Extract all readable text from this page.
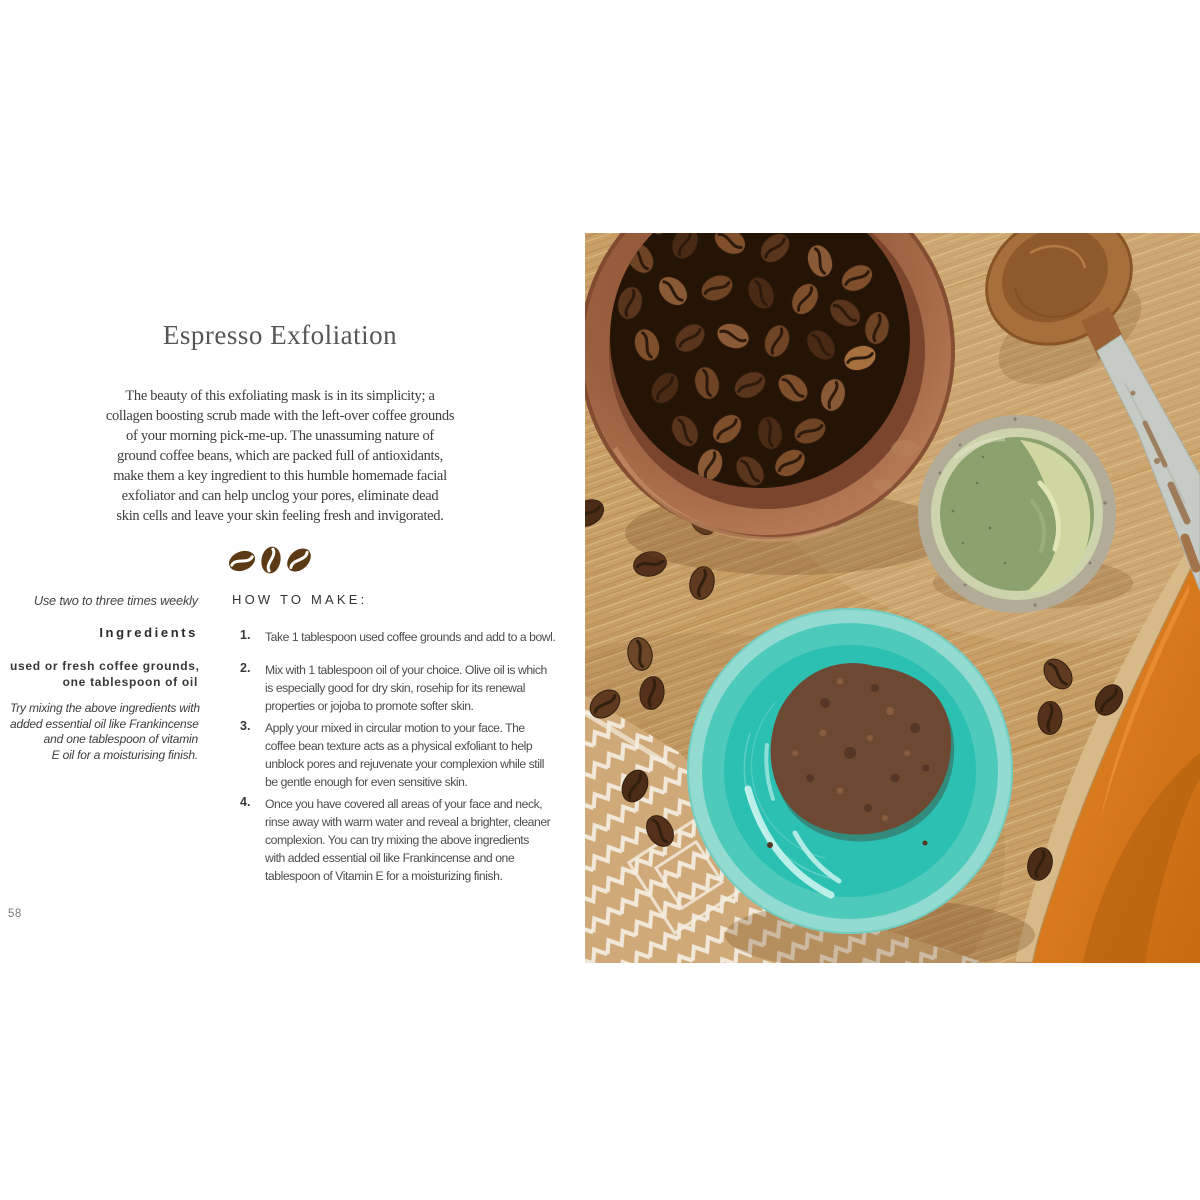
Espresso Exfoliation
The beauty of this exfoliating mask is in its simplicity; a
collagen boosting scrub made with the left-over coffee grounds
of your morning pick-me-up. The unassuming nature of
ground coffee beans, which are packed full of antioxidants,
make them a key ingredient to this humble homemade facial
exfoliator and can help unclog your pores, eliminate dead
skin cells and leave your skin feeling fresh and invigorated.
Use two to three times weekly
Ingredients
used or fresh coffee grounds,
one tablespoon of oil
Try mixing the above ingredients with
added essential oil like Frankincense
and one tablespoon of vitamin
E oil for a moisturising finish.
HOW TO MAKE:
1. Take 1 tablespoon used coffee grounds and add to a bowl.
2. Mix with 1 tablespoon oil of your choice. Olive oil is which
is especially good for dry skin, rosehip for its renewal
properties or jojoba to promote softer skin.
3. Apply your mixed in circular motion to your face. The
coffee bean texture acts as a physical exfoliant to help
unblock pores and rejuvenate your complexion while still
be gentle enough for even sensitive skin.
4. Once you have covered all areas of your face and neck,
rinse away with warm water and reveal a brighter, cleaner
complexion. You can try mixing the above ingredients
with added essential oil like Frankincense and one
tablespoon of Vitamin E for a moisturizing finish.
58
